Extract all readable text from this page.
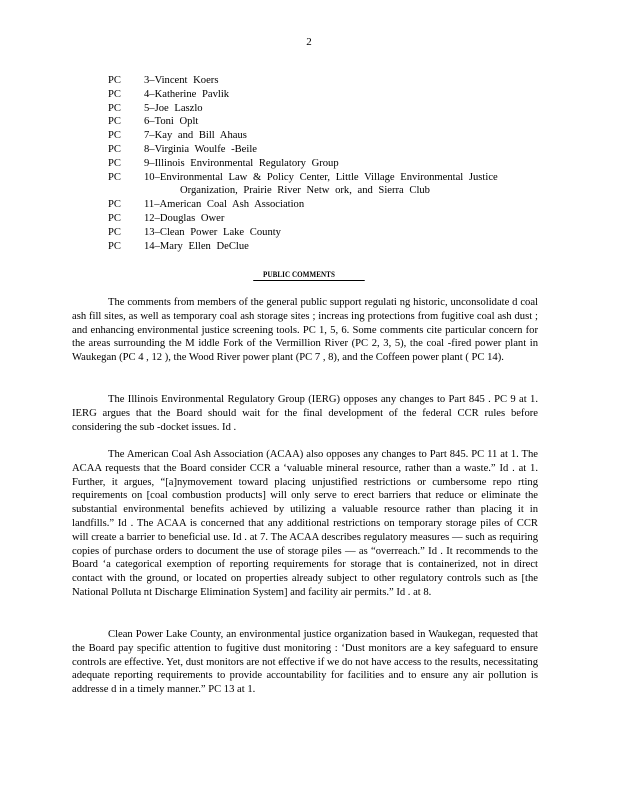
2
PC	3–Vincent Koers
PC	4–Katherine Pavlik
PC	5–Joe Laszlo
PC	6–Toni Oplt
PC	7–Kay and Bill Ahaus
PC	8–Virginia Woulfe -Beile
PC	9–Illinois Environmental Regulatory Group
PC	10–Environmental Law & Policy Center, Little Village Environmental Justice Organization, Prairie River Netw ork, and Sierra Club
PC	11–American Coal Ash Association
PC	12–Douglas Ower
PC	13–Clean Power Lake County
PC	14–Mary Ellen DeClue
PUBLIC COMMENTS
The comments from members of the general public support regulati ng historic, unconsolidate d coal ash fill sites, as well as temporary coal ash storage sites ; increas ing protections from fugitive coal ash dust ; and enhancing environmental justice screening tools. PC 1, 5, 6. Some comments cite particular concern for the areas surrounding the M iddle Fork of the Vermillion River (PC 2, 3, 5), the coal -fired power plant in Waukegan (PC 4 , 12 ), the Wood River power plant (PC 7 , 8), and the Coffeen power plant ( PC 14).
The Illinois Environmental Regulatory Group (IERG) opposes any changes to Part 845 . PC 9 at 1. IERG argues that the Board should wait for the final development of the federal CCR rules before considering the sub -docket issues. Id .
The American Coal Ash Association (ACAA) also opposes any changes to Part 845. PC 11 at 1. The ACAA requests that the Board consider CCR a ‘valuable mineral resource, rather than a waste.” Id . at 1. Further, it argues, “[a]nymovement toward placing unjustified restrictions or cumbersome repo rting requirements on [coal combustion products] will only serve to erect barriers that reduce or eliminate the substantial environmental benefits achieved by utilizing a valuable resource rather than placing it in landfills.” Id . The ACAA is concerned that any additional restrictions on temporary storage piles of CCR will create a barrier to beneficial use. Id . at 7. The ACAA describes regulatory measures — such as requiring copies of purchase orders to document the use of storage piles — as “overreach.” Id . It recommends to the Board ‘a categorical exemption of reporting requirements for storage that is containerized, not in direct contact with the ground, or located on properties already subject to other regulatory controls such as [the National Polluta nt Discharge Elimination System] and facility air permits.” Id . at 8.
Clean Power Lake County, an environmental justice organization based in Waukegan, requested that the Board pay specific attention to fugitive dust monitoring : ‘Dust monitors are a key safeguard to ensure controls are effective. Yet, dust monitors are not effective if we do not have access to the results, necessitating adequate reporting requirements to provide accountability for facilities and to ensure any air pollution is addresse d in a timely manner.” PC 13 at 1.
